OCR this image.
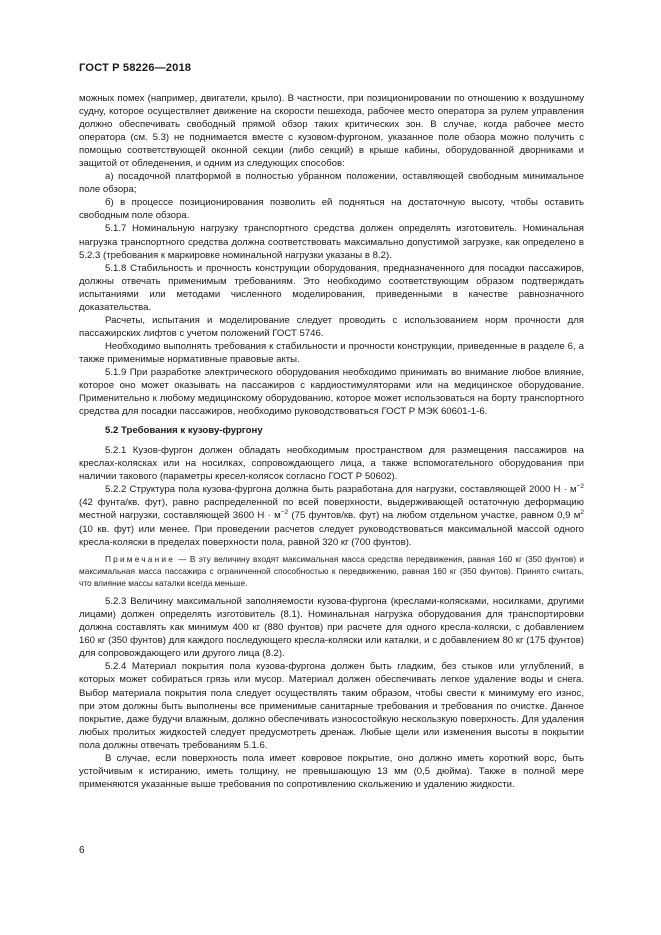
ГОСТ Р 58226—2018

можных помех (например, двигатели, крыло). В частности, при позиционировании по отношению к воздушному судну, которое осуществляет движение на скорости пешехода, рабочее место оператора за рулем управления должно обеспечивать свободный прямой обзор таких критических зон. В случае, когда рабочее место оператора (см. 5.3) не поднимается вместе с кузовом-фургоном, указанное поле обзора можно получить с помощью соответствующей оконной секции (либо секций) в крыше кабины, оборудованной дворниками и защитой от обледенения, и одним из следующих способов:

а) посадочной платформой в полностью убранном положении, оставляющей свободным минимальное поле обзора;

б) в процессе позиционирования позволить ей подняться на достаточную высоту, чтобы оставить свободным поле обзора.

5.1.7 Номинальную нагрузку транспортного средства должен определять изготовитель. Номинальная нагрузка транспортного средства должна соответствовать максимально допустимой загрузке, как определено в 5.2.3 (требования к маркировке номинальной нагрузки указаны в 8.2).

5.1.8 Стабильность и прочность конструкции оборудования, предназначенного для посадки пассажиров, должны отвечать применимым требованиям. Это необходимо соответствующим образом подтверждать испытаниями или методами численного моделирования, приведенными в качестве равнозначного доказательства.

Расчеты, испытания и моделирование следует проводить с использованием норм прочности для пассажирских лифтов с учетом положений ГОСТ 5746.

Необходимо выполнять требования к стабильности и прочности конструкции, приведенные в разделе 6, а также применимые нормативные правовые акты.

5.1.9 При разработке электрического оборудования необходимо принимать во внимание любое влияние, которое оно может оказывать на пассажиров с кардиостимуляторами или на медицинское оборудование. Применительно к любому медицинскому оборудованию, которое может использоваться на борту транспортного средства для посадки пассажиров, необходимо руководствоваться ГОСТ Р МЭК 60601-1-6.

5.2 Требования к кузову-фургону

5.2.1 Кузов-фургон должен обладать необходимым пространством для размещения пассажиров на креслах-колясках или на носилках, сопровождающего лица, а также вспомогательного оборудования при наличии такового (параметры кресел-колясок согласно ГОСТ Р 50602).

5.2.2 Структура пола кузова-фургона должна быть разработана для нагрузки, составляющей 2000 $Н \cdot м^{-2}$ (42 фунта/кв. фут), равно распределенной по всей поверхности, выдерживающей остаточную деформацию местной нагрузки, составляющей 3600 $Н \cdot м^{-2}$ (75 фунтов/кв. фут) на любом отдельном участке, равном 0,9 $м^2$ (10 кв. фут) или менее. При проведении расчетов следует руководствоваться максимальной массой одного кресла-коляски в пределах поверхности пола, равной 320 кг (700 фунтов).

Примечание — В эту величину входят максимальная масса средства передвижения, равная 160 кг (350 фунтов) и максимальная масса пассажира с ограниченной способностью к передвижению, равная 160 кг (350 фунтов). Принято считать, что влияние массы каталки всегда меньше.

5.2.3 Величину максимальной заполняемости кузова-фургона (креслами-колясками, носилками, другими лицами) должен определять изготовитель (8.1). Номинальная нагрузка оборудования для транспортировки должна составлять как минимум 400 кг (880 фунтов) при расчете для одного кресла-коляски, с добавлением 160 кг (350 фунтов) для каждого последующего кресла-коляски или каталки, и с добавлением 80 кг (175 фунтов) для сопровождающего или другого лица (8.2).

5.2.4 Материал покрытия пола кузова-фургона должен быть гладким, без стыков или углублений, в которых может собираться грязь или мусор. Материал должен обеспечивать легкое удаление воды и снега. Выбор материала покрытия пола следует осуществлять таким образом, чтобы свести к минимуму его износ, при этом должны быть выполнены все применимые санитарные требования и требования по очистке. Данное покрытие, даже будучи влажным, должно обеспечивать износостойкую нескользкую поверхность. Для удаления любых пролитых жидкостей следует предусмотреть дренаж. Любые щели или изменения высоты в покрытии пола должны отвечать требованиям 5.1.6.

В случае, если поверхность пола имеет ковровое покрытие, оно должно иметь короткий ворс, быть устойчивым к истиранию, иметь толщину, не превышающую 13 мм (0,5 дюйма). Также в полной мере применяются указанные выше требования по сопротивлению скольжению и удалению жидкости.

6
